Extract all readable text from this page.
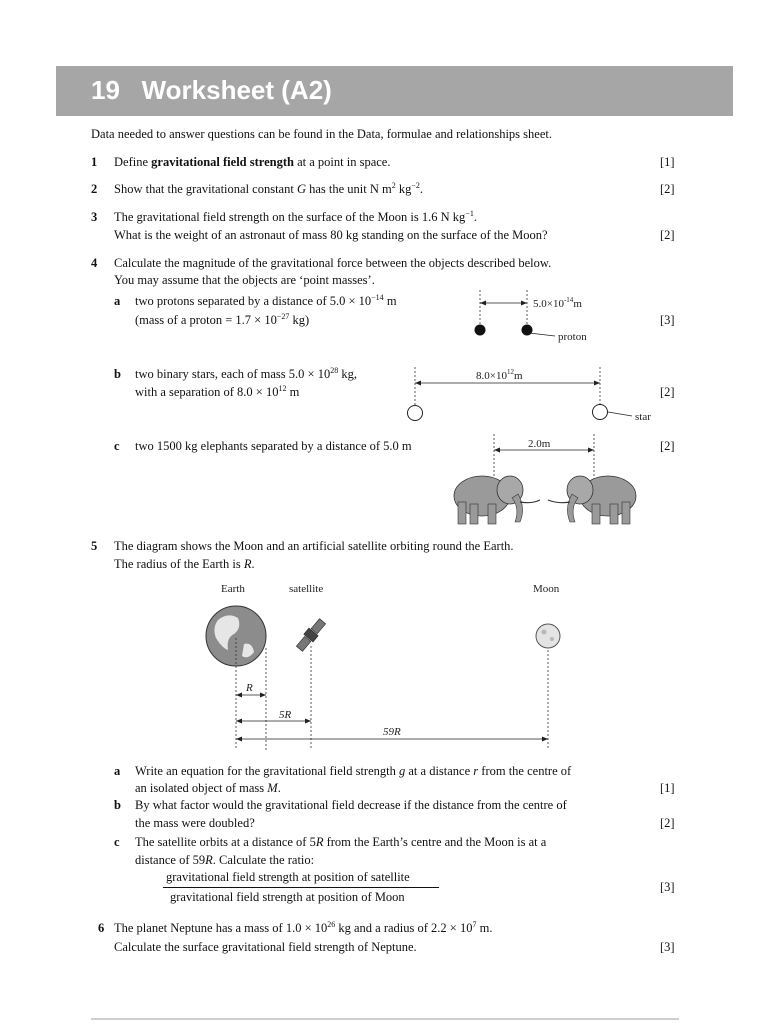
19   Worksheet (A2)
Data needed to answer questions can be found in the Data, formulae and relationships sheet.
1 Define gravitational field strength at a point in space.	[1]
2 Show that the gravitational constant G has the unit N $m^2$ $kg^{-2}$.	[2]
3 The gravitational field strength on the surface of the Moon is 1.6 N $kg^{-1}$.
What is the weight of an astronaut of mass 80 kg standing on the surface of the Moon?	[2]
4 Calculate the magnitude of the gravitational force between the objects described below.
You may assume that the objects are ‘point masses’.
a two protons separated by a distance of $5.0 \times 10^{-14}$ m
(mass of a proton = $1.7 \times 10^{-27}$ kg)	[3]
$5.0\times 10^{-14}m$
proton
b two binary stars, each of mass $5.0 \times 10^{28}$ kg,
with a separation of $8.0 \times 10^{12}$ m	[2]
$8.0\times 10^{12}m$
star
c two 1500 kg elephants separated by a distance of 5.0 m	[2]
2.0m
5 The diagram shows the Moon and an artificial satellite orbiting round the Earth.
The radius of the Earth is R.
Earth	satellite	Moon
R
5R
59R
a Write an equation for the gravitational field strength g at a distance r from the centre of
an isolated object of mass M.	[1]
b By what factor would the gravitational field decrease if the distance from the centre of
the mass were doubled?	[2]
c The satellite orbits at a distance of 5R from the Earth’s centre and the Moon is at a
distance of 59R. Calculate the ratio:
gravitational field strength at position of satellite
gravitational field strength at position of Moon
[3]
6 The planet Neptune has a mass of $1.0 \times 10^{26}$ kg and a radius of $2.2 \times 10^7$ m.
Calculate the surface gravitational field strength of Neptune.	[3]
